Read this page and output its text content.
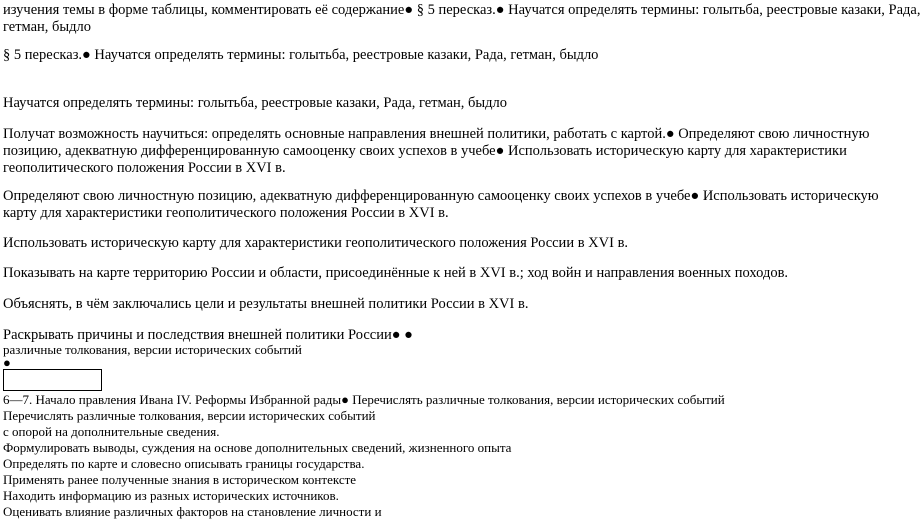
изучения темы в форме таблицы, комментировать её содержание● § 5 пересказ.● Научатся определять термины: голытьба, реестровые казаки, Рада,

гетман, быдло

§ 5 пересказ.● Научатся определять термины: голытьба, реестровые казаки, Рада, гетман, быдло

Научатся определять термины: голытьба, реестровые казаки, Рада, гетман, быдло

Получат возможность научиться: определять основные направления внешней политики, работать с картой.● Определяют свою личностную

позицию, адекватную дифференцированную самооценку своих успехов в учебе● Использовать историческую карту для характеристики

геополитического положения России в XVI в.

Определяют свою личностную позицию, адекватную дифференцированную самооценку своих успехов в учебе● Использовать историческую

карту для характеристики геополитического положения России в XVI в.

Использовать историческую карту для характеристики геополитического положения России в XVI в.

Показывать на карте территорию России и области, присоединённые к ней в XVI в.; ход войн и направления военных походов.

Объяснять, в чём заключались цели и результаты внешней политики России в XVI в.

Раскрывать причины и последствия внешней политики России● ●

различные толкования, версии исторических событий

●

6—7. Начало правления Ивана IV. Реформы Избранной рады● Перечислять различные толкования, версии исторических событий

Перечислять различные толкования, версии исторических событий

с опорой на дополнительные сведения.

Формулировать выводы, суждения на основе дополнительных сведений, жизненного опыта

Определять по карте и словесно описывать границы государства.

Применять ранее полученные знания в историческом контексте

Находить информацию из разных исторических источников.

Оценивать влияние различных факторов на становление личности и
